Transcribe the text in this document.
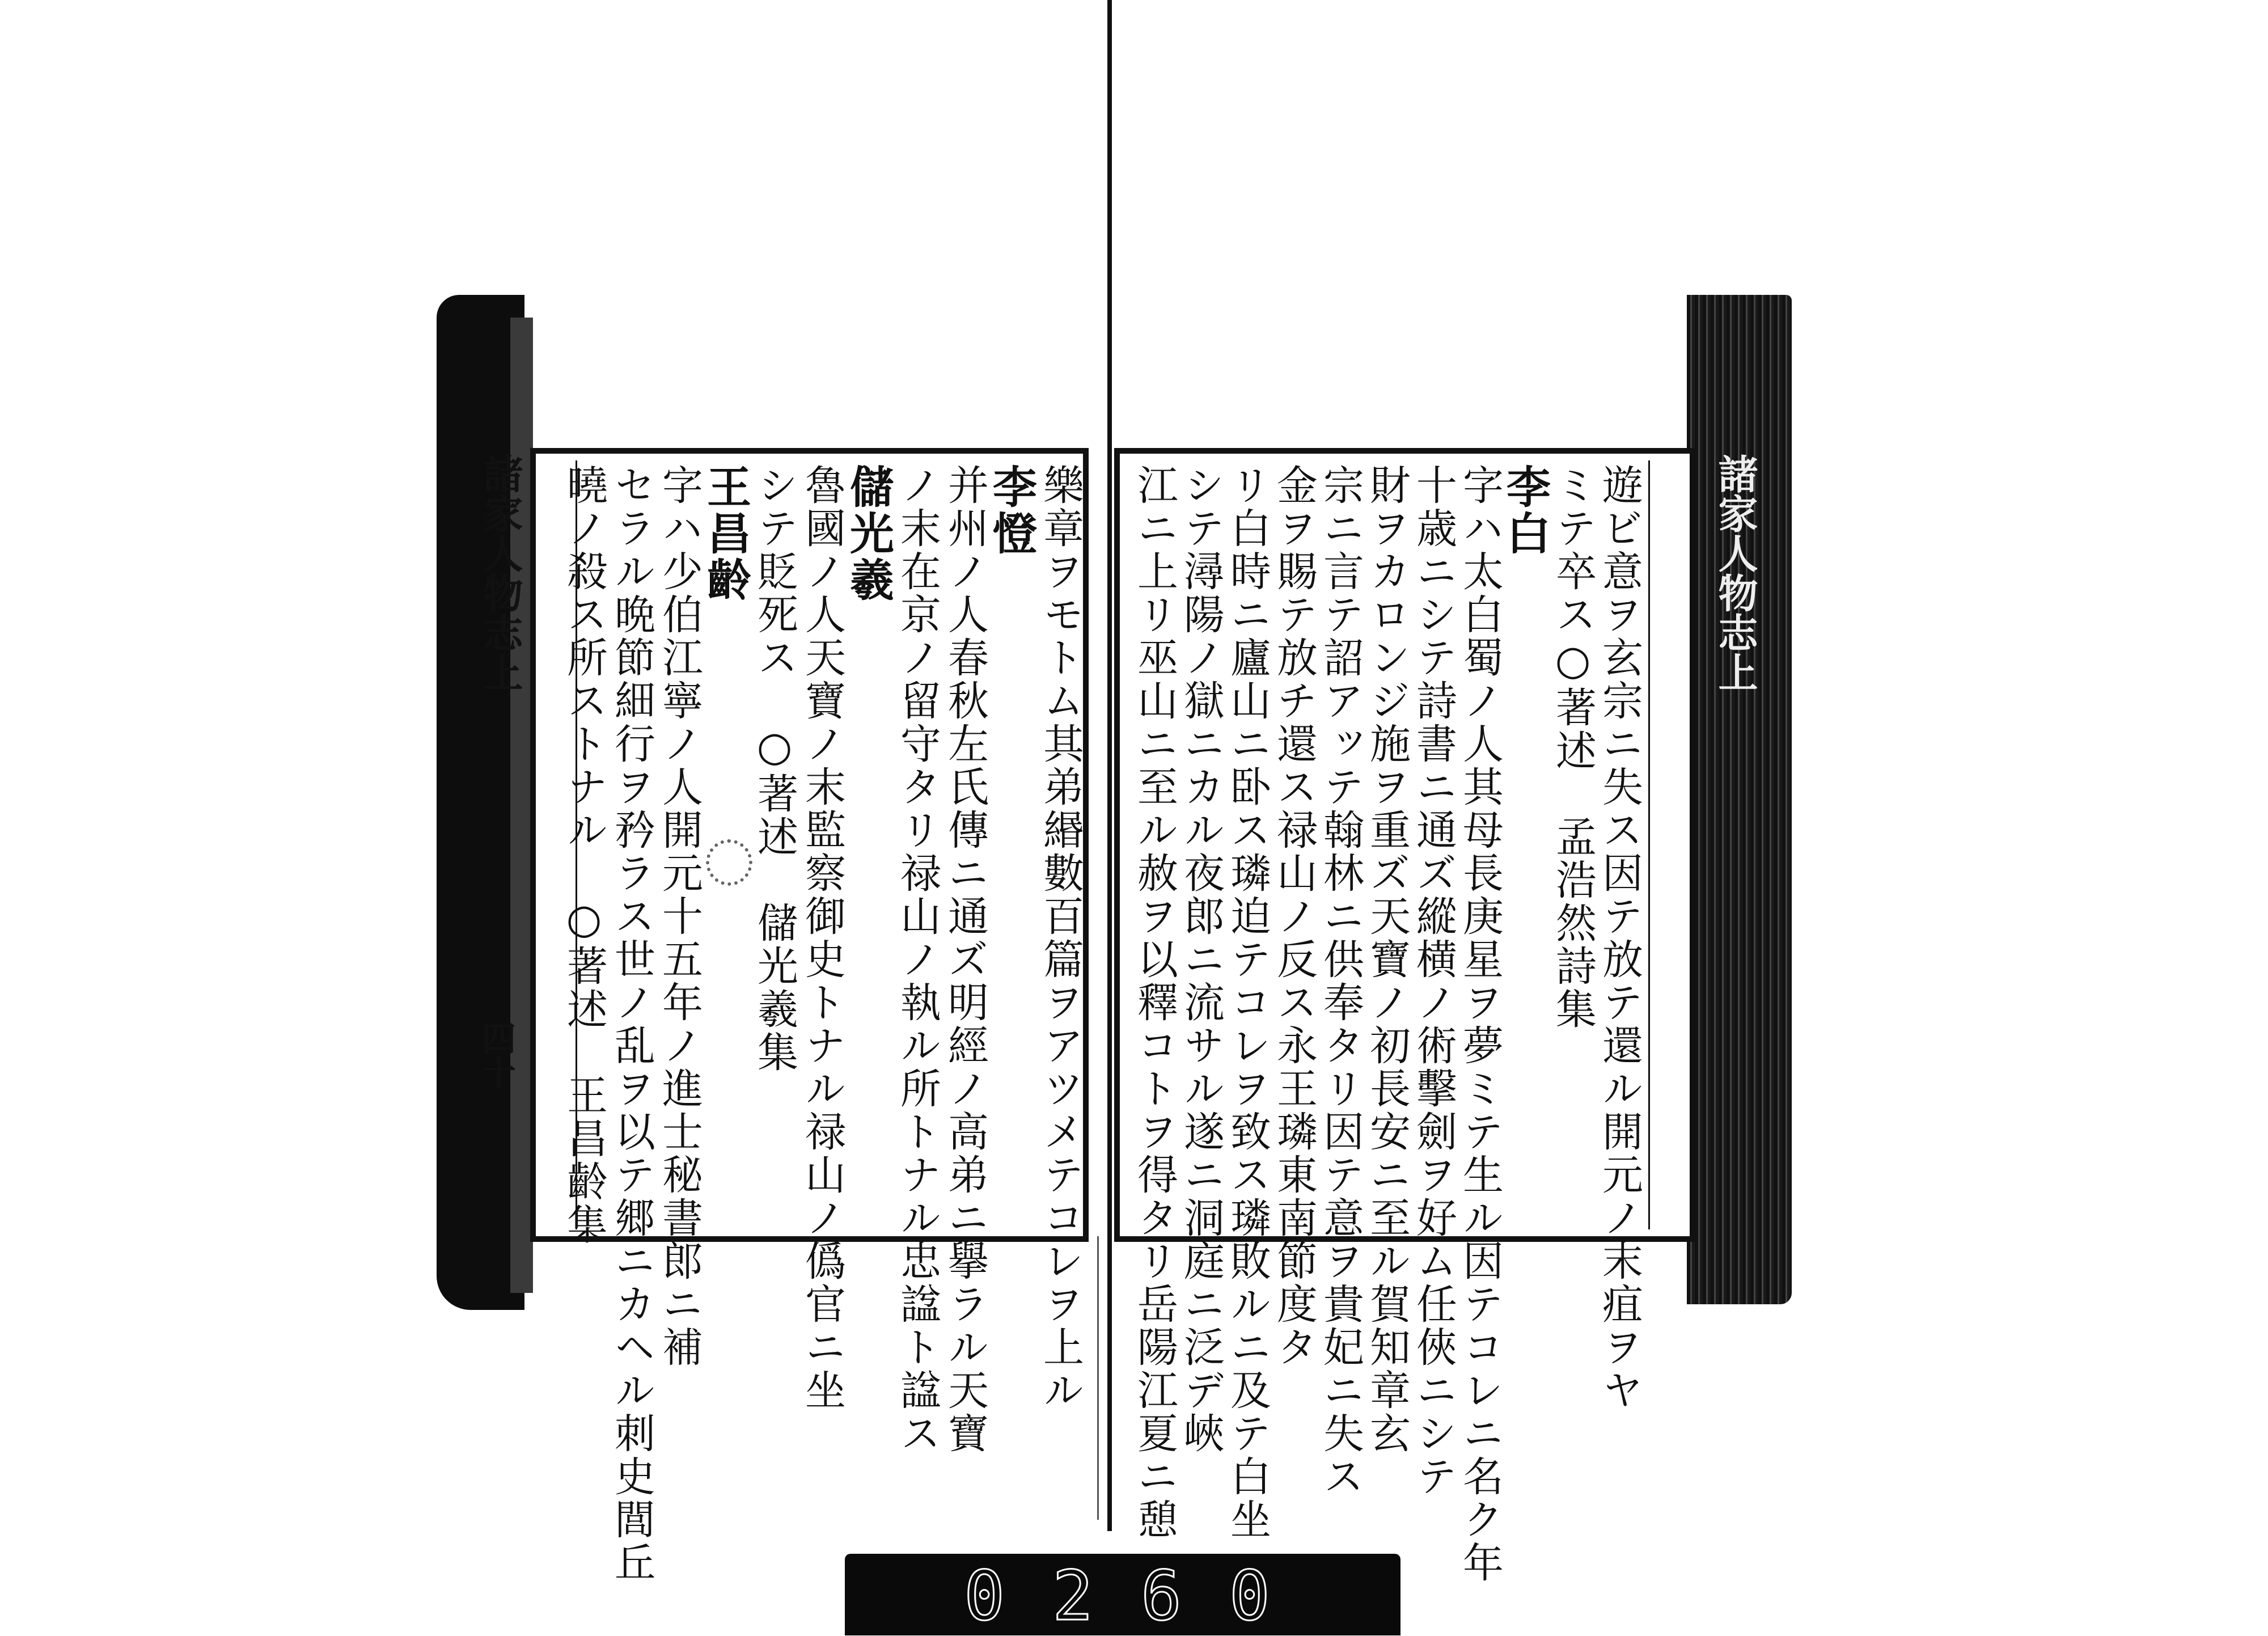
樂章ヲモトム其弟緡數百篇ヲアツメテコレヲ上ル
李憕
并州ノ人春秋左氏傳ニ通ズ明經ノ高弟ニ擧ラル天寶
ノ末在京ノ留守タリ禄山ノ執ル所トナル忠諡ト諡ス
儲光羲
魯國ノ人天寶ノ末監察御史トナル禄山ノ僞官ニ坐
シテ貶死ス　○著述　儲光羲集
王昌齡
字ハ少伯江寧ノ人開元十五年ノ進士秘書郎ニ補
セラル晩節細行ヲ矜ラス世ノ乱ヲ以テ郷ニカヘル刺史閭丘
曉ノ殺ス所ストナル　○著述　王昌齡集
諸家人物志上
四十	遊ビ意ヲ玄宗ニ失ス因テ放テ還ル開元ノ末疽ヲヤ
ミテ卒ス○著述　孟浩然詩集
李白
字ハ太白蜀ノ人其母長庚星ヲ夢ミテ生ル因テコレニ名ク年
十歳ニシテ詩書ニ通ズ縱横ノ術擊劍ヲ好ム任俠ニシテ
財ヲカロンジ施ヲ重ズ天寶ノ初長安ニ至ル賀知章玄
宗ニ言テ詔アッテ翰林ニ供奉タリ因テ意ヲ貴妃ニ失ス
金ヲ賜テ放チ還ス禄山ノ反ス永王璘東南節度タ
リ白時ニ廬山ニ卧ス璘迫テコレヲ致ス璘敗ルニ及テ白坐
シテ潯陽ノ獄ニカル夜郎ニ流サル遂ニ洞庭ニ泛デ峽
江ニ上リ巫山ニ至ル赦ヲ以釋コトヲ得タリ岳陽江夏ニ憩	諸家人物志上
0 2 6 0
